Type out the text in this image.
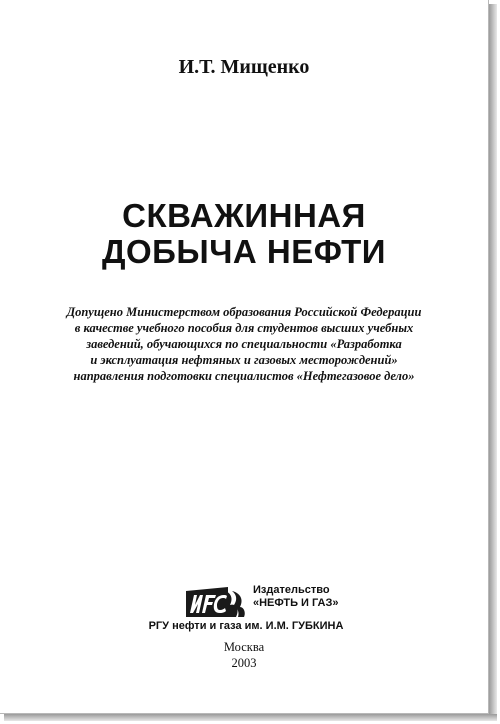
И.Т. Мищенко
СКВАЖИННАЯ
ДОБЫЧА НЕФТИ
Допущено Министерством образования Российской Федерации
в качестве учебного пособия для студентов высших учебных
заведений, обучающихся по специальности «Разработка
и эксплуатация нефтяных и газовых месторождений»
направления подготовки специалистов «Нефтегазовое дело»
Издательство
«НЕФТЬ И ГАЗ»
РГУ нефти и газа им. И.М. ГУБКИНА
Москва
2003
